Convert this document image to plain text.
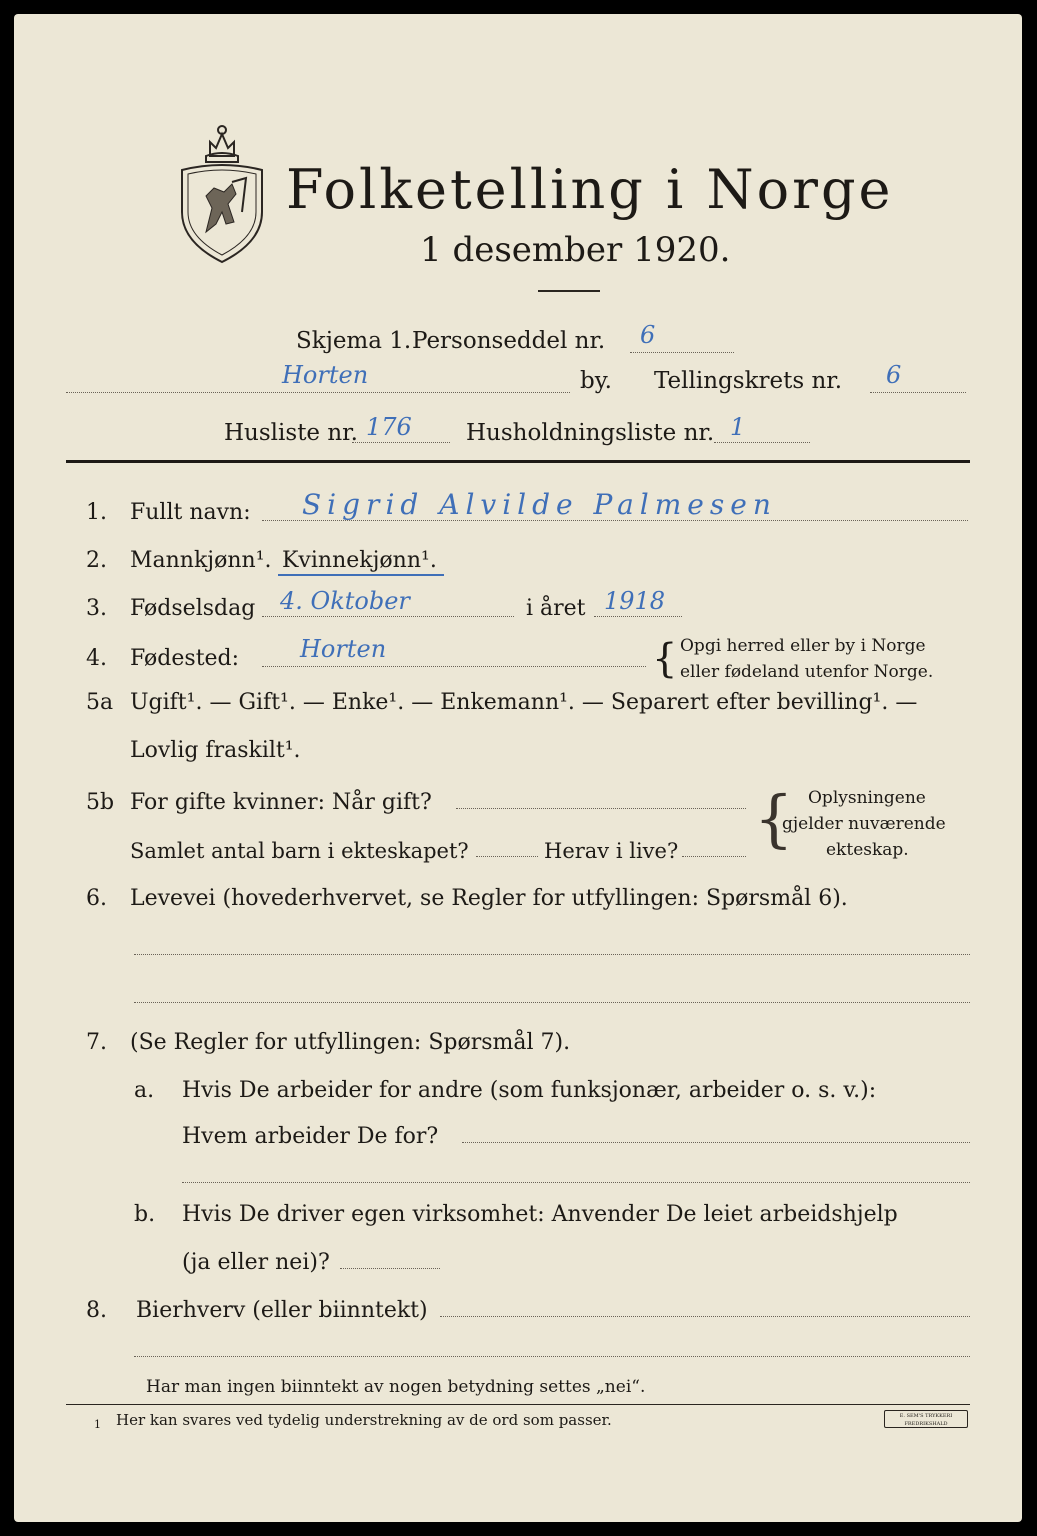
Folketelling i Norge
1 desember 1920.
Skjema 1. Personseddel nr. 6
Horten	by. Tellingskrets nr. 6
Husliste nr. 176 Husholdningsliste nr. 1
1. Fullt navn: Sigrid Alvilde Palmesen
2. Mannkjønn¹. Kvinnekjønn¹.
3. Fødselsdag 4. Oktober	i året 1918
4. Fødested:	Horten	{ Opgi herred eller by i Norge
eller fødeland utenfor Norge.
5a Ugift¹. — Gift¹. — Enke¹. — Enkemann¹. — Separert efter bevilling¹. —
Lovlig fraskilt¹.
5b For gifte kvinner: Når gift?
Samlet antal barn i ekteskapet?	Herav i live? { Oplysningene
gjelder nuværende
ekteskap.
6. Levevei (hovederhvervet, se Regler for utfyllingen: Spørsmål 6).
7. (Se Regler for utfyllingen: Spørsmål 7).
a. Hvis De arbeider for andre (som funksjonær, arbeider o. s. v.):
Hvem arbeider De for?
b. Hvis De driver egen virksomhet: Anvender De leiet arbeidshjelp
(ja eller nei)?
8. Bierhverv (eller biinntekt)
Har man ingen biinntekt av nogen betydning settes „nei“.
1 Her kan svares ved tydelig understrekning av de ord som passer.	E. SEM'S TRYKKERI FREDRIKSHALD
